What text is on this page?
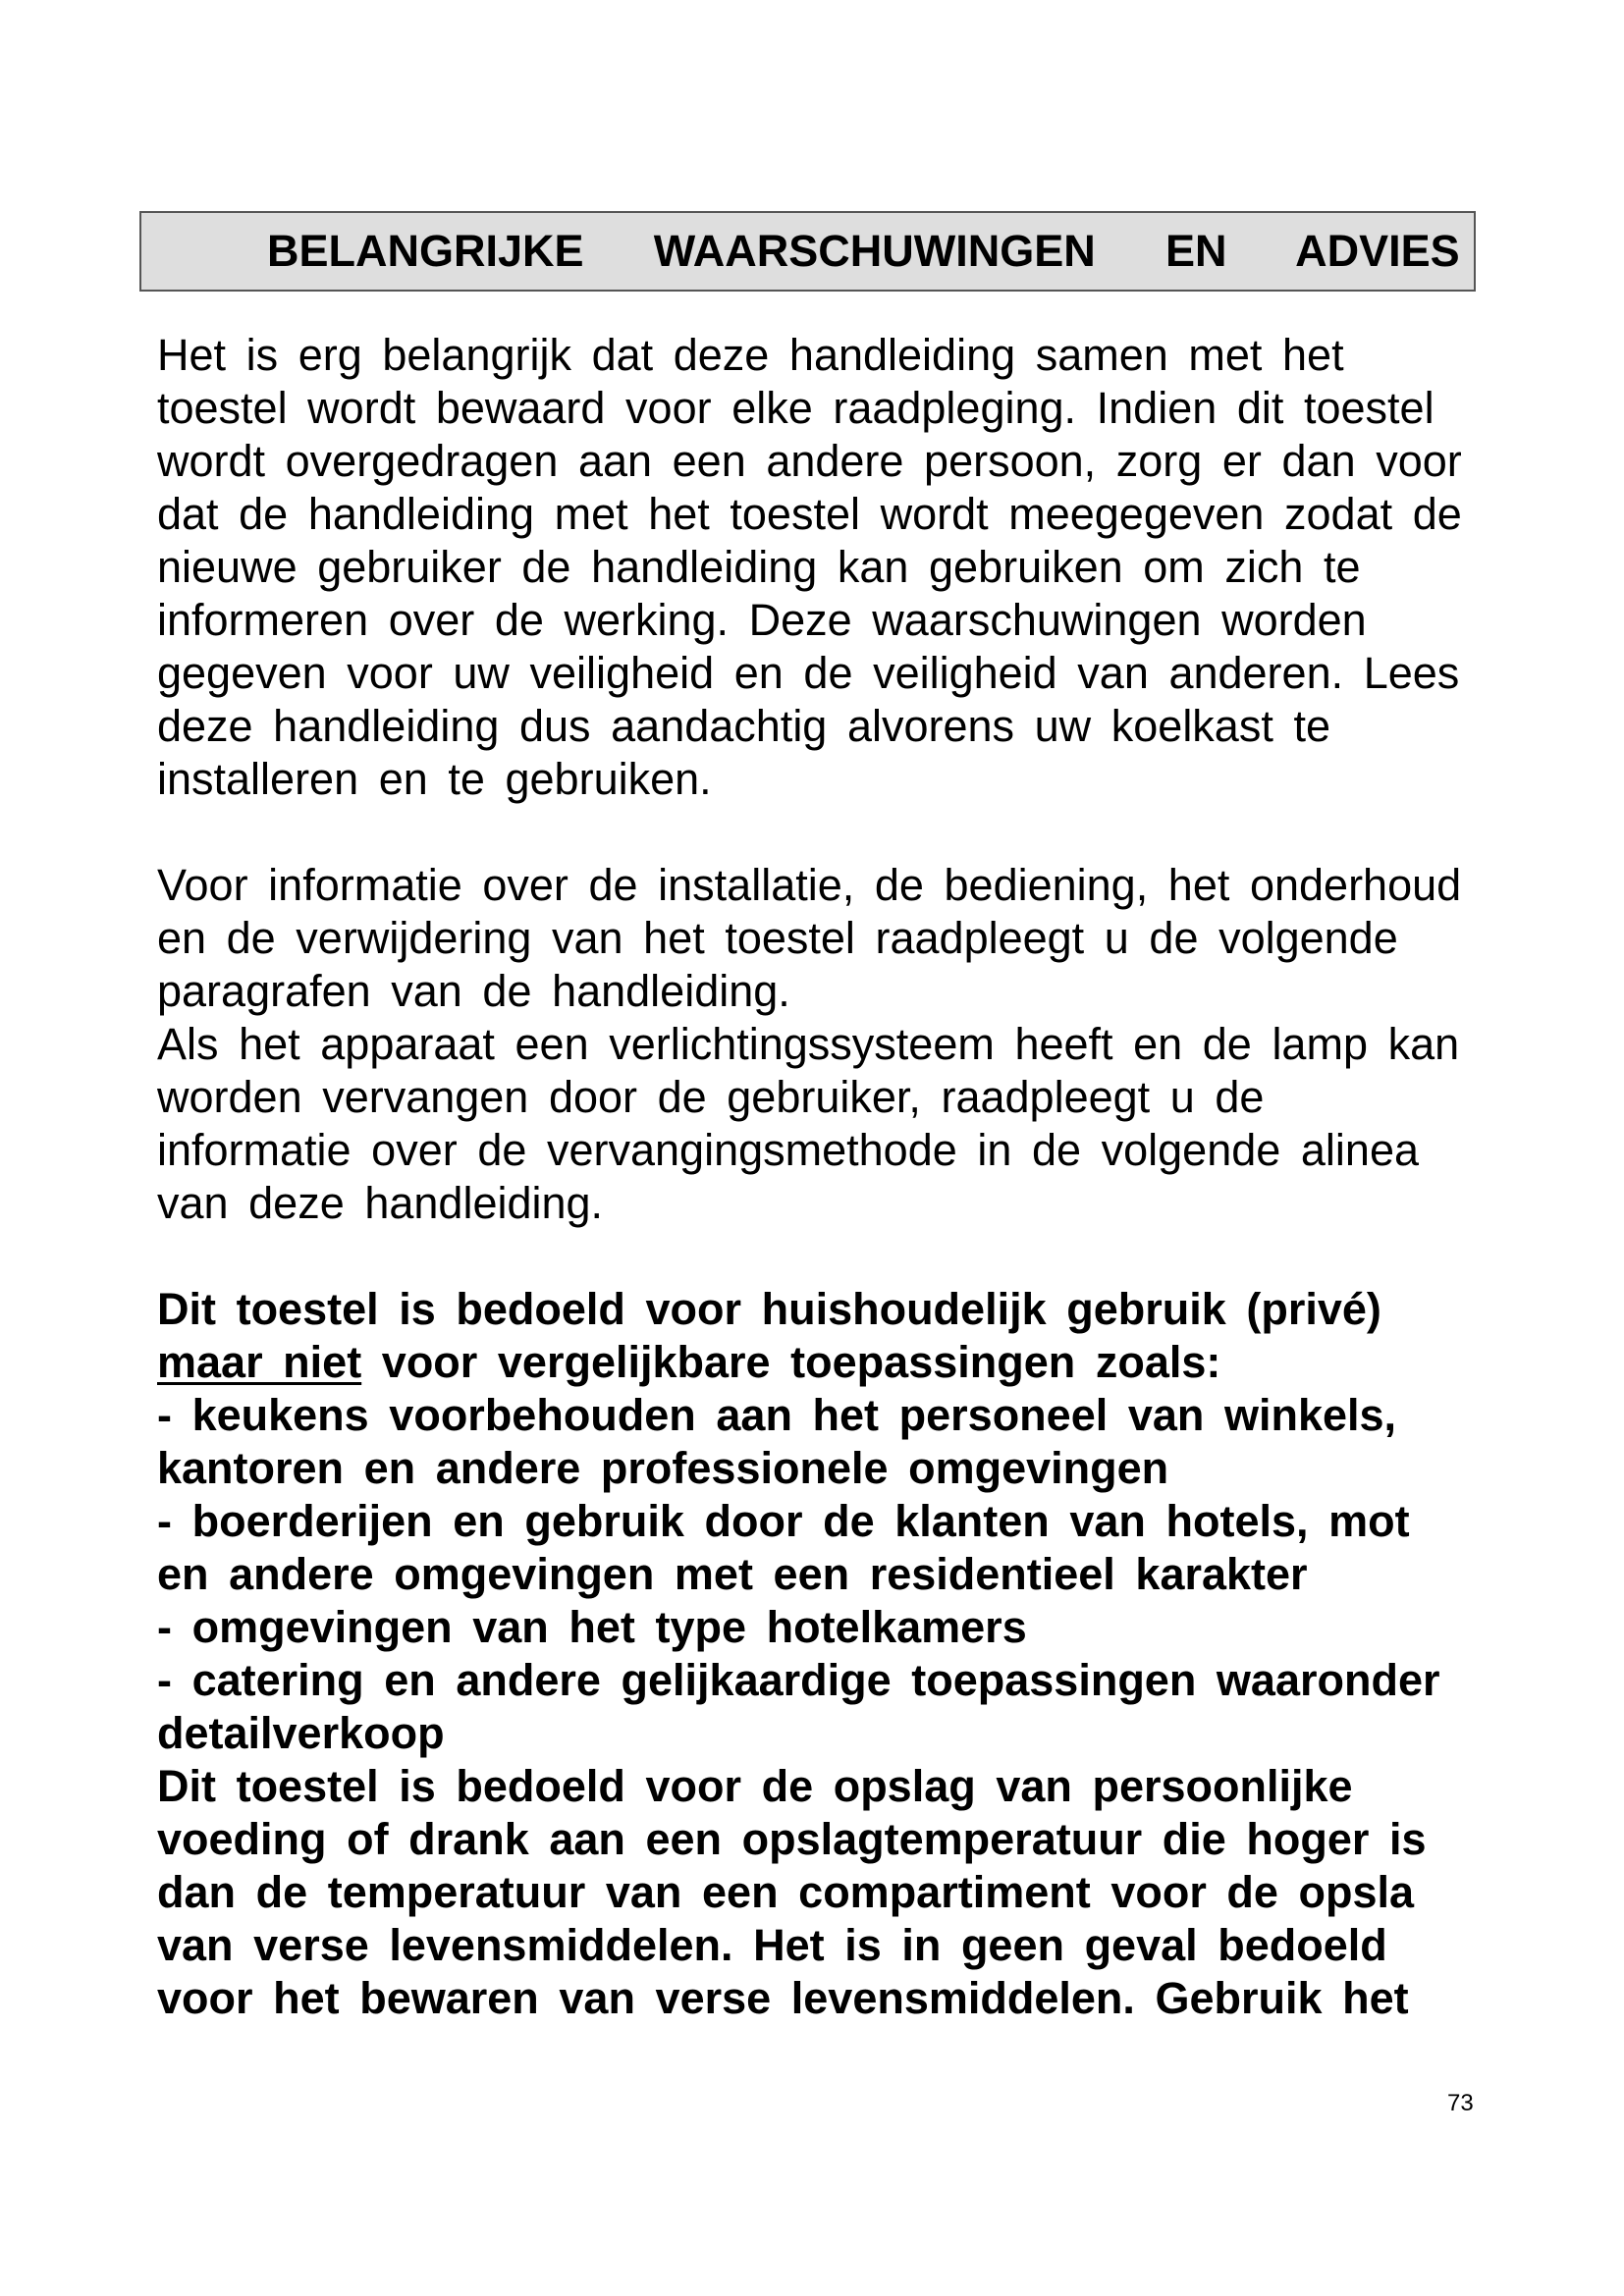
BELANGRIJKE   WAARSCHUWINGEN   EN   ADVIES
Het is erg belangrijk dat deze handleiding samen met het
toestel wordt bewaard voor elke raadpleging. Indien dit toestel
wordt overgedragen aan een andere persoon, zorg er dan voor
dat de handleiding met het toestel wordt meegegeven zodat de
nieuwe gebruiker de handleiding kan gebruiken om zich te
informeren over de werking. Deze waarschuwingen worden
gegeven voor uw veiligheid en de veiligheid van anderen. Lees
deze handleiding dus aandachtig alvorens uw koelkast te
installeren en te gebruiken.
Voor informatie over de installatie, de bediening, het onderhoud
en de verwijdering van het toestel raadpleegt u de volgende
paragrafen van de handleiding.
Als het apparaat een verlichtingssysteem heeft en de lamp kan
worden vervangen door de gebruiker, raadpleegt u de
informatie over de vervangingsmethode in de volgende alinea
van deze handleiding.
Dit toestel is bedoeld voor huishoudelijk gebruik (privé)
maar niet voor vergelijkbare toepassingen zoals:
- keukens voorbehouden aan het personeel van winkels,
kantoren en andere professionele omgevingen
- boerderijen en gebruik door de klanten van hotels, mot
en andere omgevingen met een residentieel karakter
- omgevingen van het type hotelkamers
- catering en andere gelijkaardige toepassingen waaronder
detailverkoop
Dit toestel is bedoeld voor de opslag van persoonlijke
voeding of drank aan een opslagtemperatuur die hoger is
dan de temperatuur van een compartiment voor de opsla
van verse levensmiddelen. Het is in geen geval bedoeld
voor het bewaren van verse levensmiddelen. Gebruik het
73
